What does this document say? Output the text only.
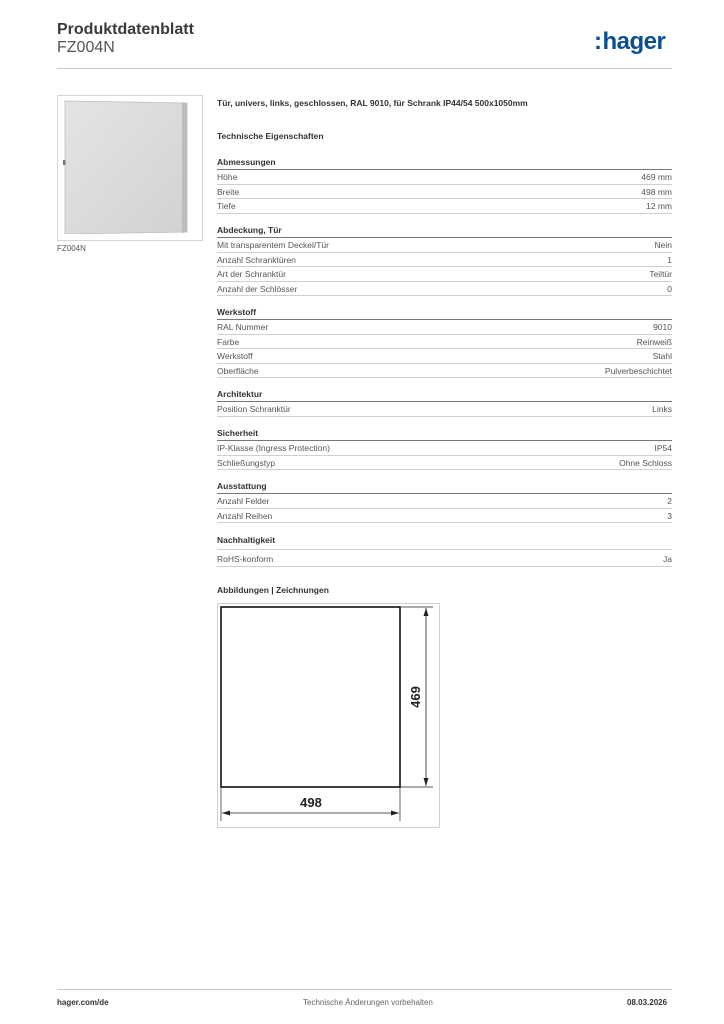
Produktdatenblatt
FZ004N	:hager
FZ004N
Tür, univers, links, geschlossen, RAL 9010, für Schrank IP44/54 500x1050mm
Technische Eigenschaften
Abmessungen
Höhe	469 mm
Breite	498 mm
Tiefe	12 mm
Abdeckung, Tür
Mit transparentem Deckel/Tür	Nein
Anzahl Schranktüren	1
Art der Schranktür	Teiltür
Anzahl der Schlösser	0
Werkstoff
RAL Nummer	9010
Farbe	Reinweiß
Werkstoff	Stahl
Oberfläche	Pulverbeschichtet
Architektur
Position Schranktür	Links
Sicherheit
IP-Klasse (Ingress Protection)	IP54
Schließungstyp	Ohne Schloss
Ausstattung
Anzahl Felder	2
Anzahl Reihen	3
Nachhaltigkeit
RoHS-konform	Ja
Abbildungen | Zeichnungen
498
469
hager.com/de	Technische Änderungen vorbehalten	08.03.2026
